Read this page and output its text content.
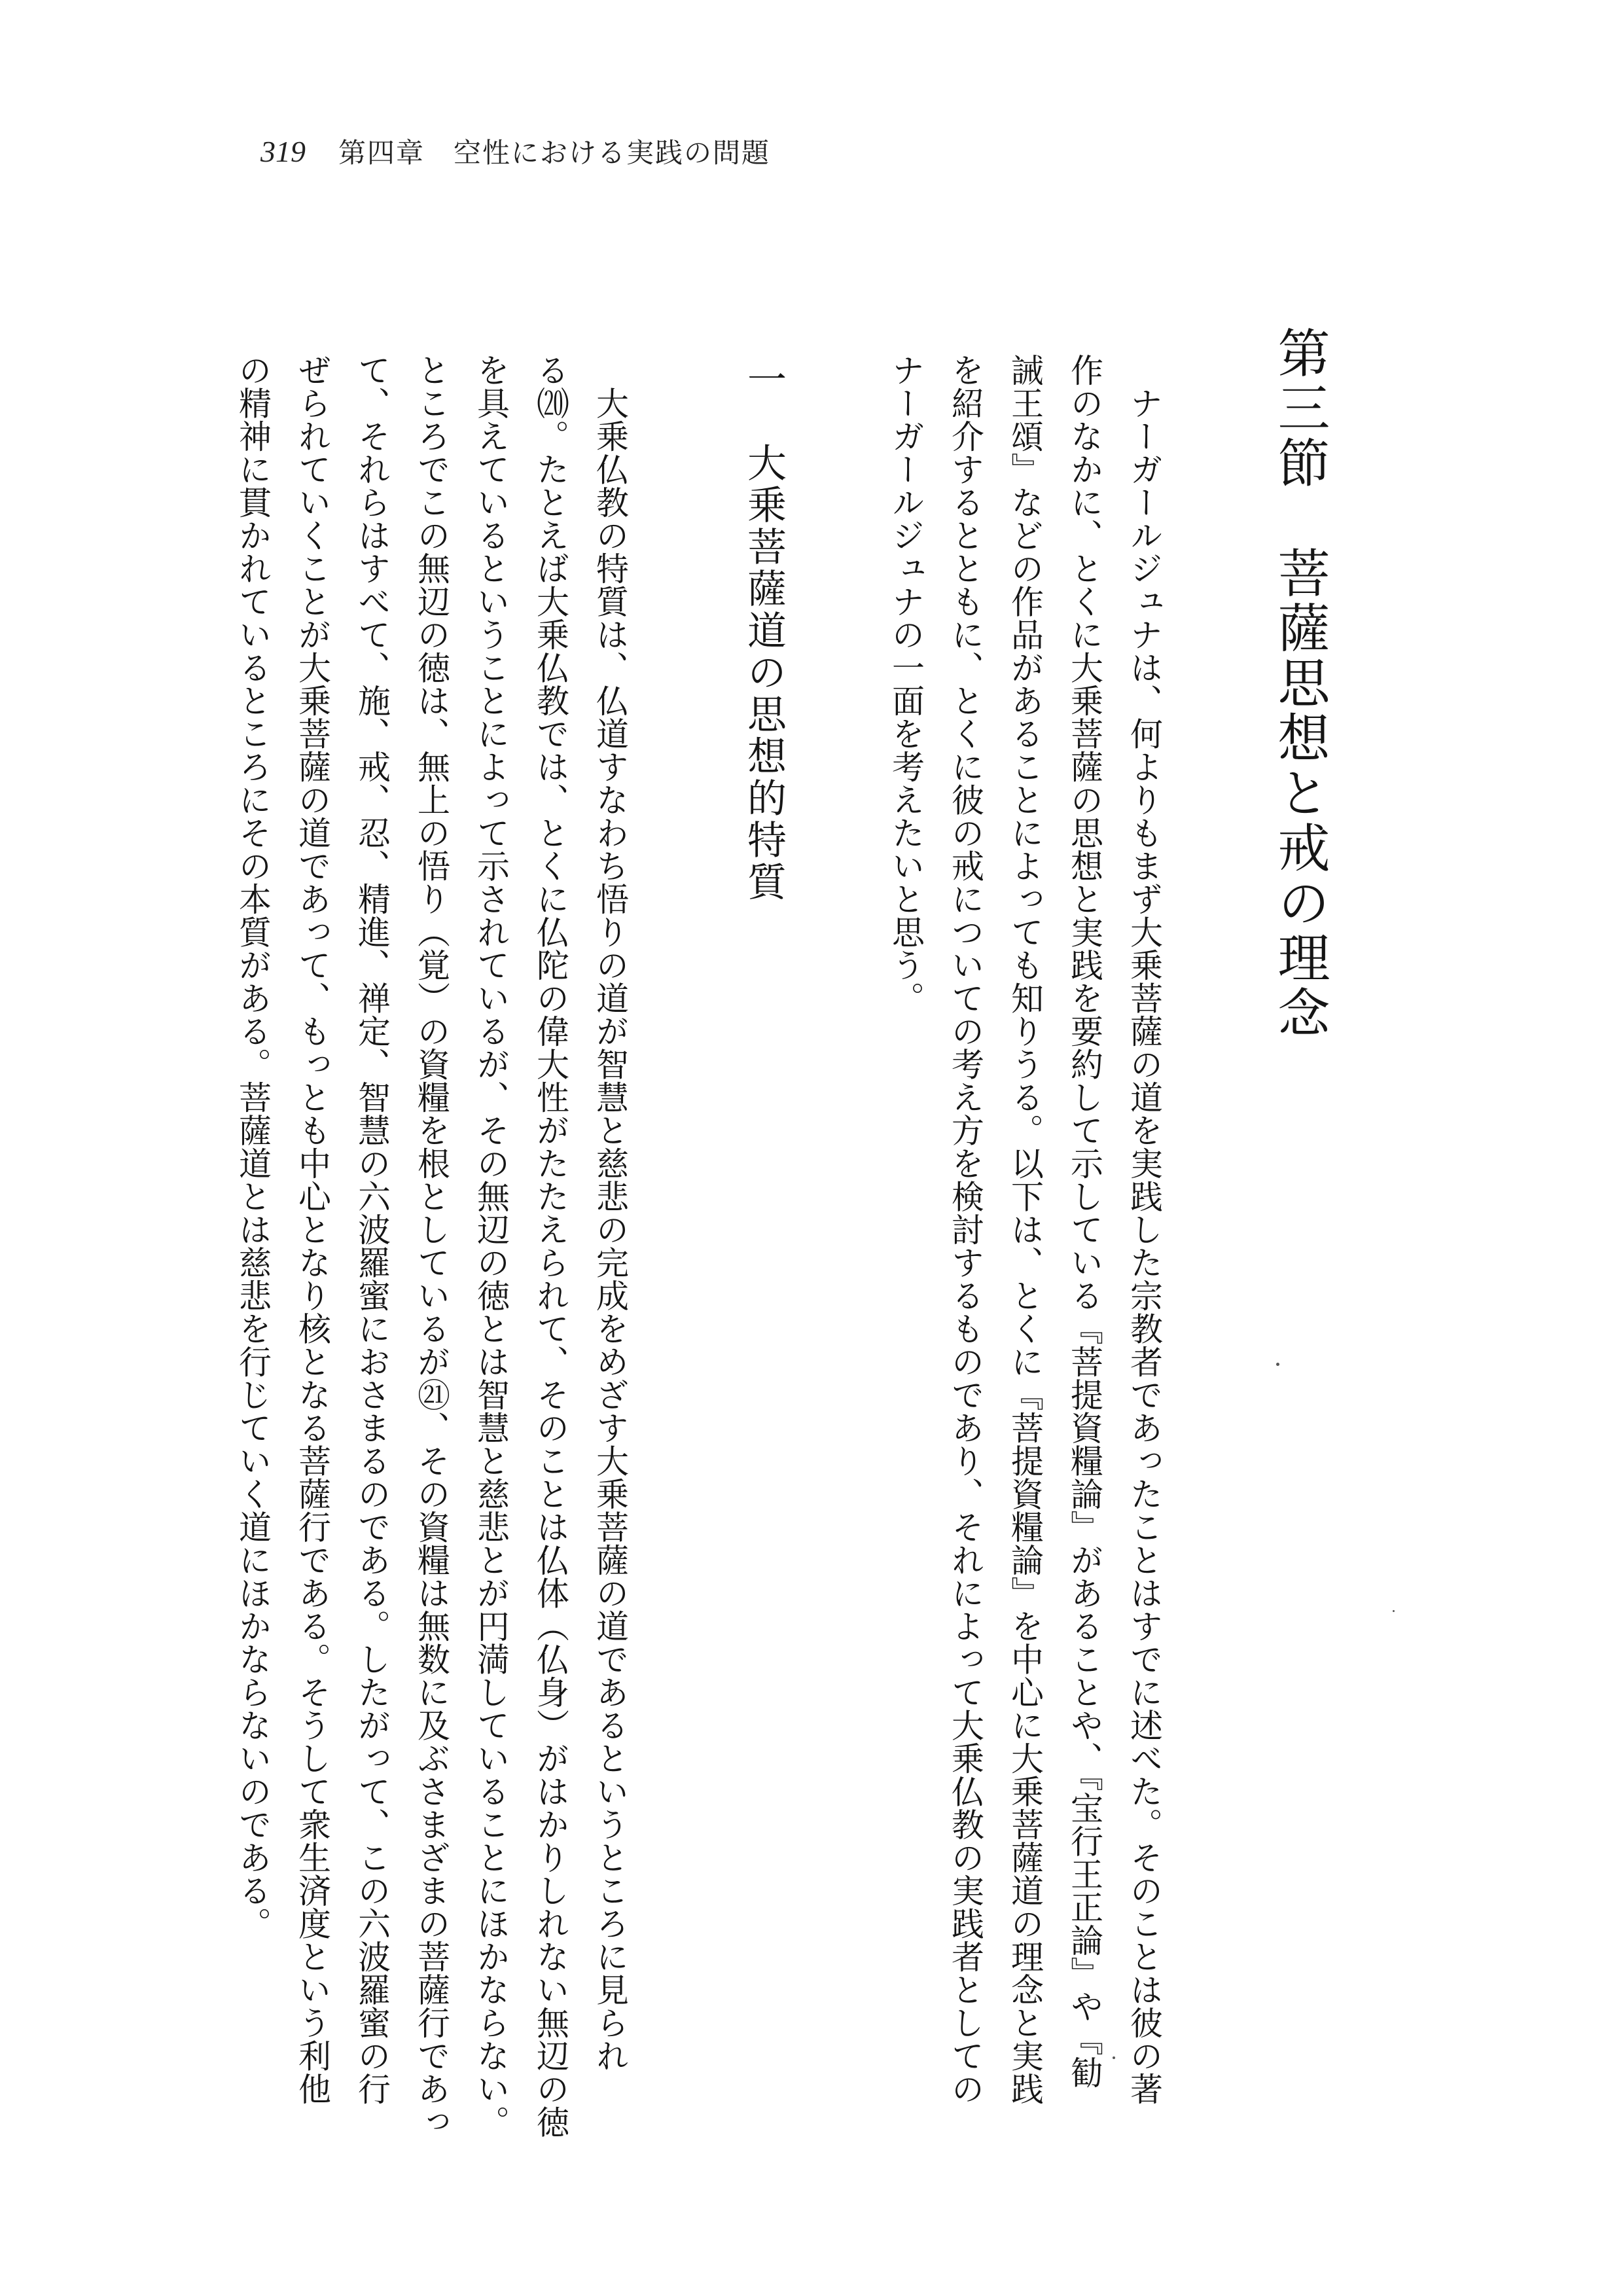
319 第四章　空性における実践の問題
第三節　菩薩思想と戒の理念
　ナーガールジュナは、何よりもまず大乗菩薩の道を実践した宗教者であったことはすでに述べた。そのことは彼の著
作のなかに、とくに大乗菩薩の思想と実践を要約して示している『菩提資糧論』があることや、『宝行王正論』や『勧
誡王頌』などの作品があることによっても知りうる。以下は、とくに『菩提資糧論』を中心に大乗菩薩道の理念と実践
を紹介するとともに、とくに彼の戒についての考え方を検討するものであり、それによって大乗仏教の実践者としての
ナーガールジュナの一面を考えたいと思う。
一　大乗菩薩道の思想的特質
　大乗仏教の特質は、仏道すなわち悟りの道が智慧と慈悲の完成をめざす大乗菩薩の道であるというところに見られ
る⒇。たとえば大乗仏教では、とくに仏陀の偉大性がたたえられて、そのことは仏体（仏身）がはかりしれない無辺の徳
を具えているということによって示されているが、その無辺の徳とは智慧と慈悲とが円満していることにほかならない。
ところでこの無辺の徳は、無上の悟り（覚）の資糧を根としているが㉑、その資糧は無数に及ぶさまざまの菩薩行であっ
て、それらはすべて、施、戒、忍、精進、禅定、智慧の六波羅蜜におさまるのである。したがって、この六波羅蜜の行
ぜられていくことが大乗菩薩の道であって、もっとも中心となり核となる菩薩行である。そうして衆生済度という利他
の精神に貫かれているところにその本質がある。菩薩道とは慈悲を行じていく道にほかならないのである。
